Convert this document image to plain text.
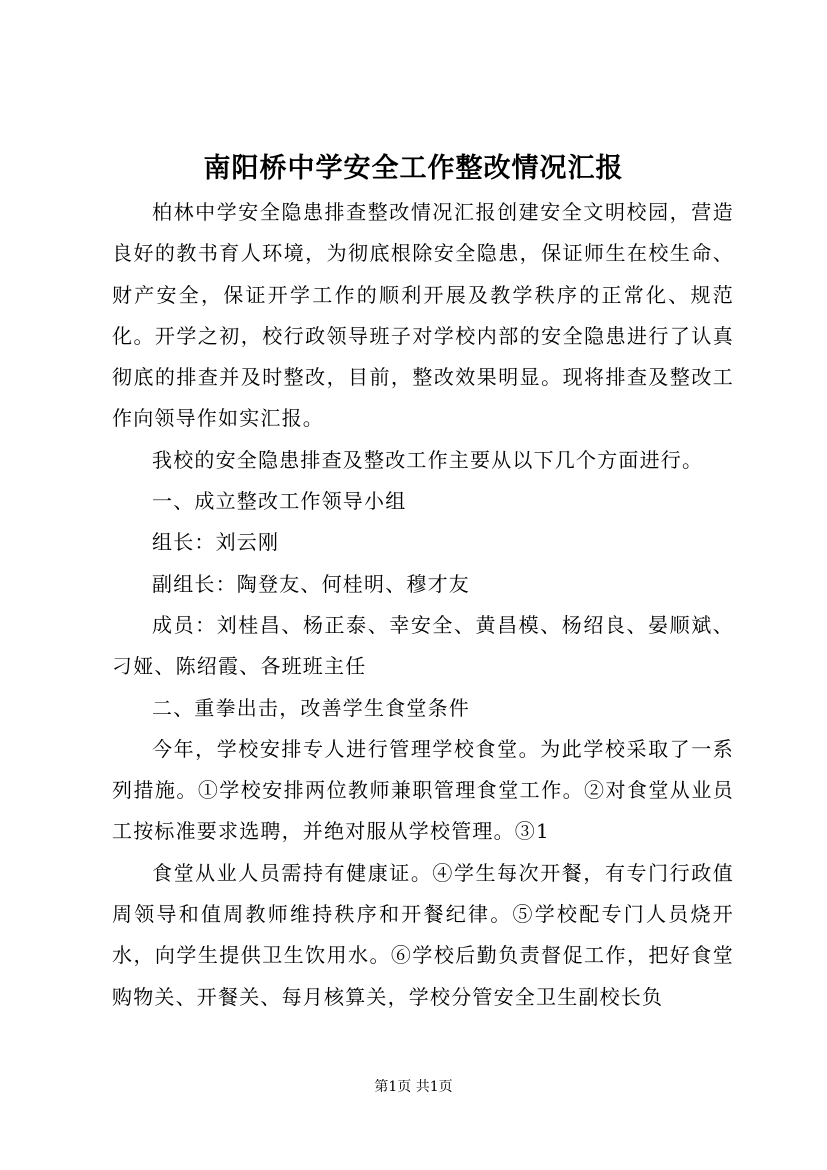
南阳桥中学安全工作整改情况汇报

柏林中学安全隐患排查整改情况汇报创建安全文明校园，营造良好的教书育人环境，为彻底根除安全隐患，保证师生在校生命、财产安全，保证开学工作的顺利开展及教学秩序的正常化、规范化。开学之初，校行政领导班子对学校内部的安全隐患进行了认真彻底的排查并及时整改，目前，整改效果明显。现将排查及整改工作向领导作如实汇报。

我校的安全隐患排查及整改工作主要从以下几个方面进行。

一、成立整改工作领导小组

组长：刘云刚

副组长：陶登友、何桂明、穆才友

成员：刘桂昌、杨正泰、幸安全、黄昌模、杨绍良、晏顺斌、刁娅、陈绍霞、各班班主任

二、重拳出击，改善学生食堂条件

今年，学校安排专人进行管理学校食堂。为此学校采取了一系列措施。①学校安排两位教师兼职管理食堂工作。②对食堂从业员工按标准要求选聘，并绝对服从学校管理。③1

食堂从业人员需持有健康证。④学生每次开餐，有专门行政值周领导和值周教师维持秩序和开餐纪律。⑤学校配专门人员烧开水，向学生提供卫生饮用水。⑥学校后勤负责督促工作，把好食堂购物关、开餐关、每月核算关，学校分管安全卫生副校长负

第1页 共1页
